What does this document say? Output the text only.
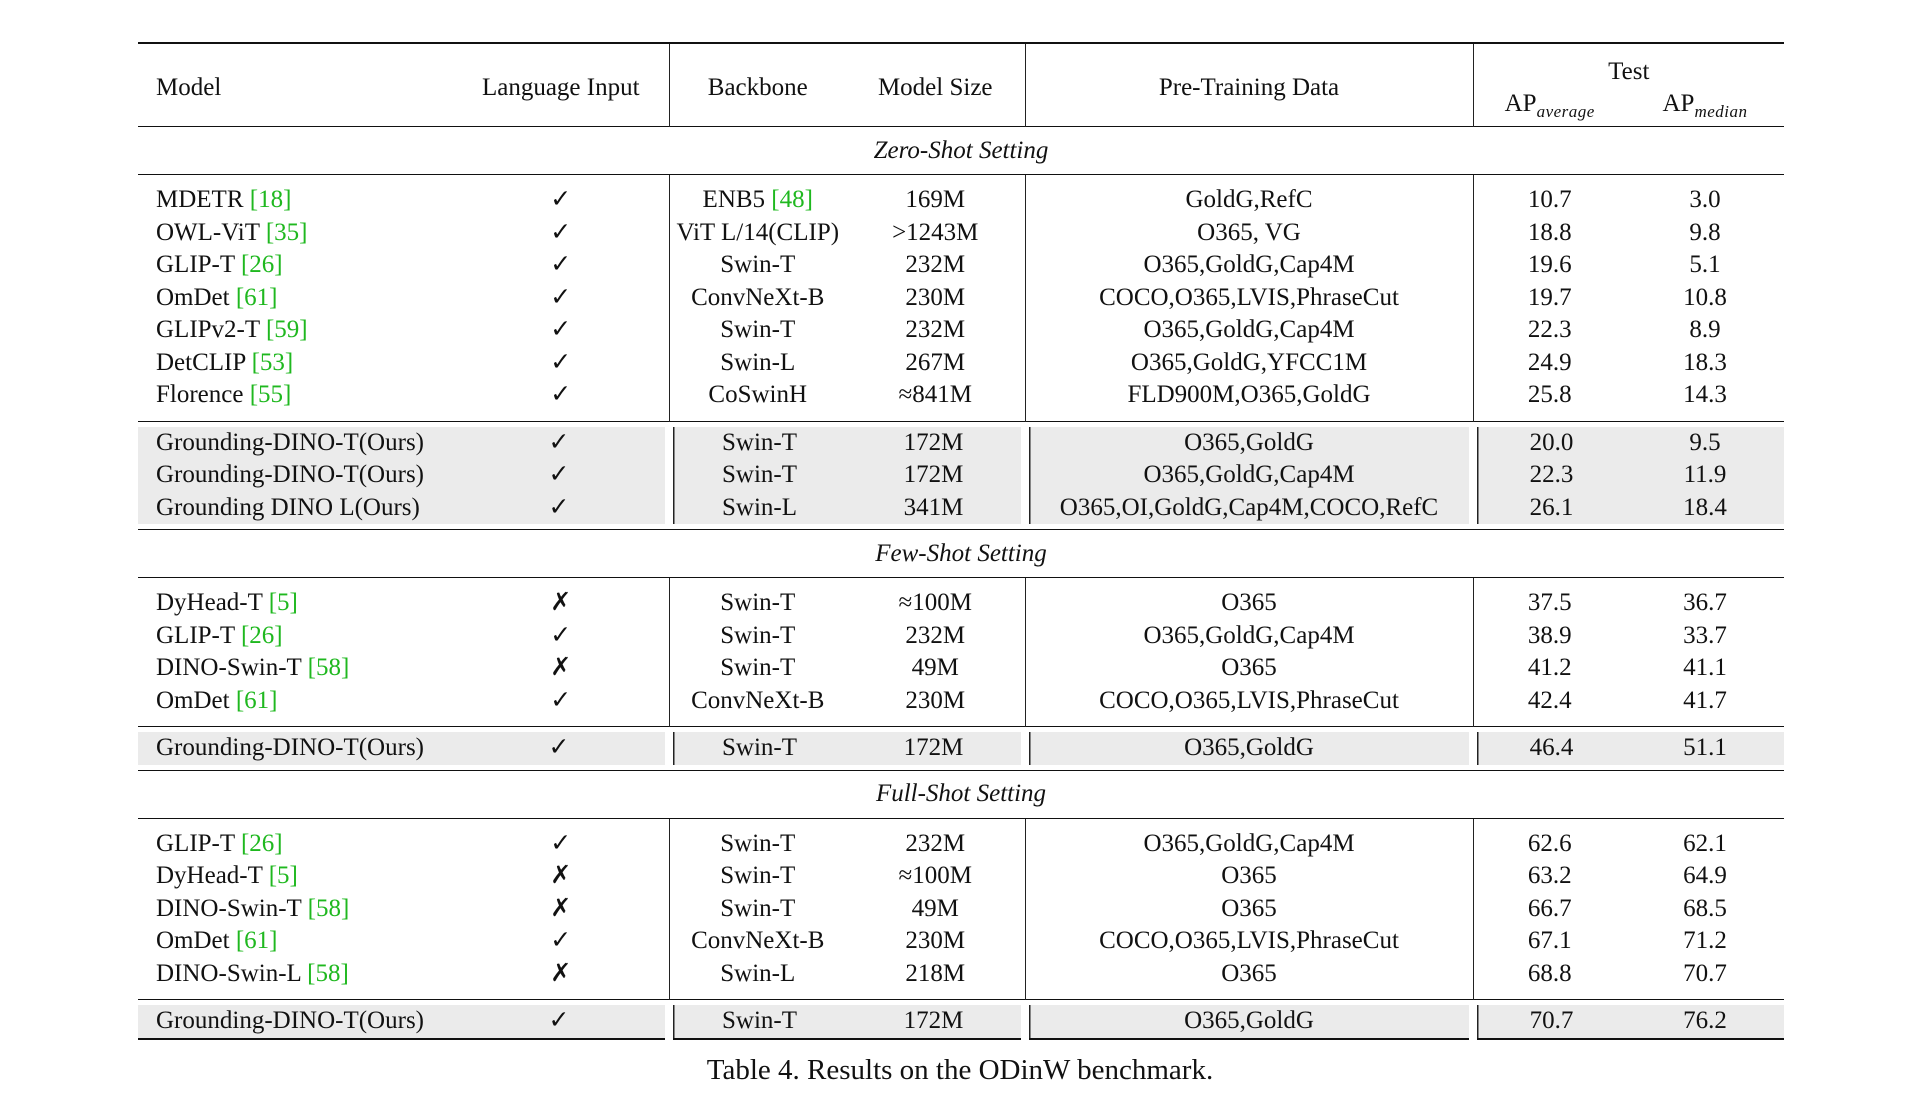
Model	Language Input	Backbone	Model Size	Pre-Training Data	Test	
					$AP_{average}$	$AP_{median}$
Zero-Shot Setting						

MDETR [18]	✓	ENB5 [48]	169M	GoldG,RefC	10.7	3.0
OWL-ViT [35]	✓	ViT L/14(CLIP)	>1243M	O365, VG	18.8	9.8
GLIP-T [26]	✓	Swin-T	232M	O365,GoldG,Cap4M	19.6	5.1
OmDet [61]	✓	ConvNeXt-B	230M	COCO,O365,LVIS,PhraseCut	19.7	10.8
GLIPv2-T [59]	✓	Swin-T	232M	O365,GoldG,Cap4M	22.3	8.9
DetCLIP [53]	✓	Swin-L	267M	O365,GoldG,YFCC1M	24.9	18.3
Florence [55]	✓	CoSwinH	≈841M	FLD900M,O365,GoldG	25.8	14.3

Grounding-DINO-T(Ours)	✓	Swin-T	172M	O365,GoldG	20.0	9.5
Grounding-DINO-T(Ours)	✓	Swin-T	172M	O365,GoldG,Cap4M	22.3	11.9
Grounding DINO L(Ours)	✓	Swin-L	341M	O365,OI,GoldG,Cap4M,COCO,RefC	26.1	18.4

Few-Shot Setting						

DyHead-T [5]	✗	Swin-T	≈100M	O365	37.5	36.7
GLIP-T [26]	✓	Swin-T	232M	O365,GoldG,Cap4M	38.9	33.7
DINO-Swin-T [58]	✗	Swin-T	49M	O365	41.2	41.1
OmDet [61]	✓	ConvNeXt-B	230M	COCO,O365,LVIS,PhraseCut	42.4	41.7

Grounding-DINO-T(Ours)	✓	Swin-T	172M	O365,GoldG	46.4	51.1

Full-Shot Setting						

GLIP-T [26]	✓	Swin-T	232M	O365,GoldG,Cap4M	62.6	62.1
DyHead-T [5]	✗	Swin-T	≈100M	O365	63.2	64.9
DINO-Swin-T [58]	✗	Swin-T	49M	O365	66.7	68.5
OmDet [61]	✓	ConvNeXt-B	230M	COCO,O365,LVIS,PhraseCut	67.1	71.2
DINO-Swin-L [58]	✗	Swin-L	218M	O365	68.8	70.7

Grounding-DINO-T(Ours)	✓	Swin-T	172M	O365,GoldG	70.7	76.2
Table 4. Results on the ODinW benchmark.
